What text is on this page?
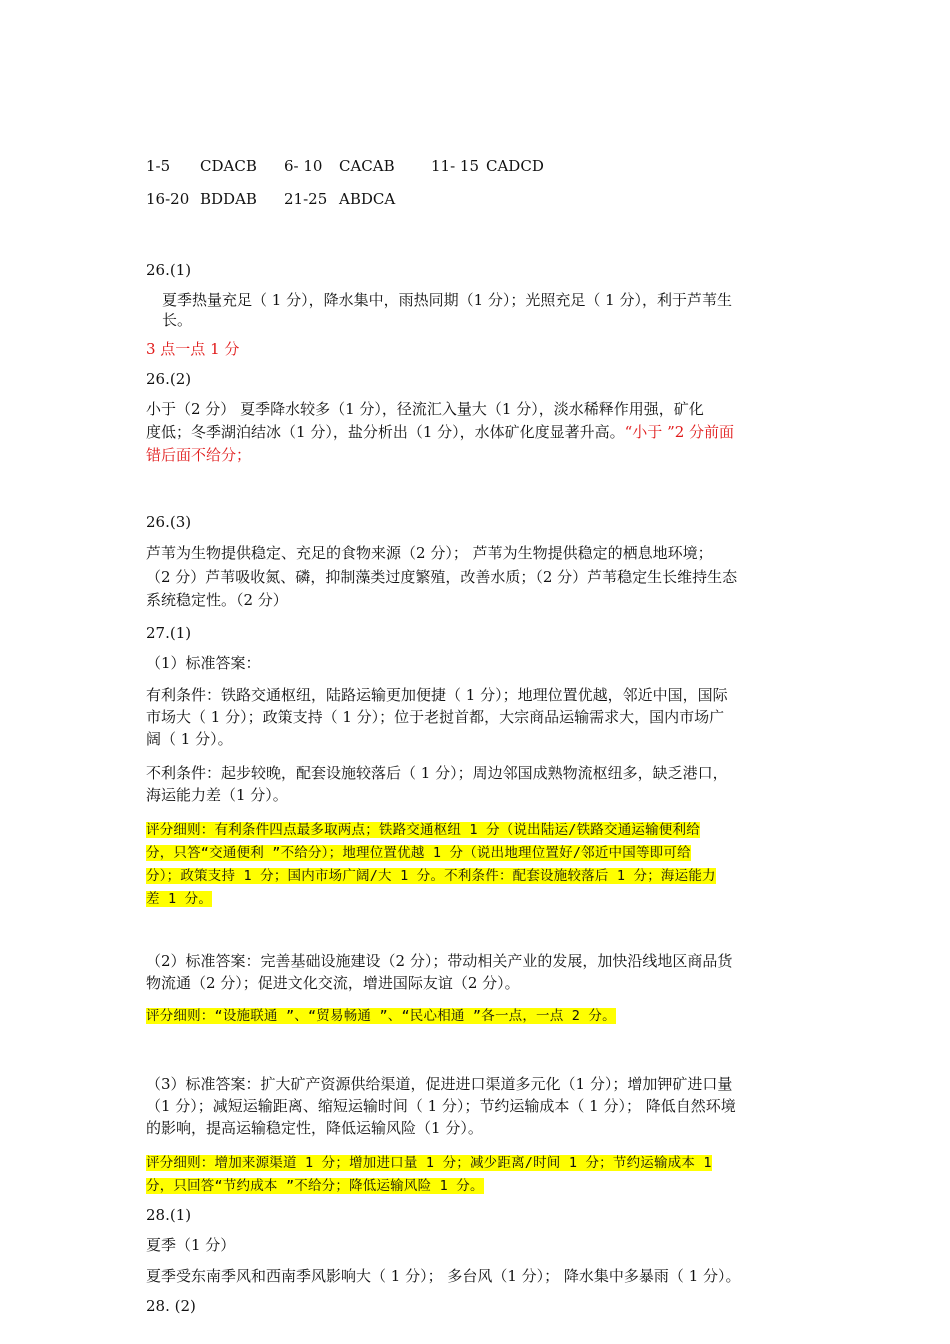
1-5 CDACB 6- 10 CACAB 11- 15 CADCD
16-20 BDDAB 21-25 ABDCA
26.(1)
夏季热量充足（ 1 分），降水集中，雨热同期（1 分）；光照充足（ 1 分），利于芦苇生
长。
3 点一点 1 分
26.(2)
小于（2 分） 夏季降水较多（1 分），径流汇入量大（1 分），淡水稀释作用强，矿化
度低；冬季湖泊结冰（1 分），盐分析出（1 分），水体矿化度显著升高。“小于 ”2 分前面
错后面不给分；
26.(3)
芦苇为生物提供稳定、充足的食物来源（2 分）； 芦苇为生物提供稳定的栖息地环境；
（2 分）芦苇吸收氮、磷，抑制藻类过度繁殖，改善水质；（2 分）芦苇稳定生长维持生态
系统稳定性。（2 分）
27.(1)
（1）标准答案：
有利条件：铁路交通枢纽，陆路运输更加便捷（ 1 分）；地理位置优越，邻近中国，国际
市场大（ 1 分）；政策支持（ 1 分）；位于老挝首都，大宗商品运输需求大，国内市场广
阔（ 1 分）。
不利条件：起步较晚，配套设施较落后（ 1 分）；周边邻国成熟物流枢纽多，缺乏港口，
海运能力差（1 分）。
评分细则：有利条件四点最多取两点；铁路交通枢纽 1 分（说出陆运/铁路交通运输便利给
分，只答“交通便利 ”不给分）；地理位置优越 1 分（说出地理位置好/邻近中国等即可给
分）；政策支持 1 分；国内市场广阔/大 1 分。不利条件：配套设施较落后 1 分；海运能力
差 1 分。
（2）标准答案：完善基础设施建设（2 分）；带动相关产业的发展，加快沿线地区商品货
物流通（2 分）；促进文化交流，增进国际友谊（2 分）。
评分细则：“设施联通 ”、“贸易畅通 ”、“民心相通 ”各一点，一点 2 分。
（3）标准答案：扩大矿产资源供给渠道，促进进口渠道多元化（1 分）；增加钾矿进口量
（1 分）；减短运输距离、缩短运输时间（ 1 分）；节约运输成本（ 1 分）； 降低自然环境
的影响，提高运输稳定性，降低运输风险（1 分）。
评分细则：增加来源渠道 1 分；增加进口量 1 分；减少距离/时间 1 分；节约运输成本 1
分，只回答“节约成本 ”不给分；降低运输风险 1 分。
28.(1)
夏季（1 分）
夏季受东南季风和西南季风影响大（ 1 分）； 多台风（1 分）； 降水集中多暴雨（ 1 分）。
28. (2)
